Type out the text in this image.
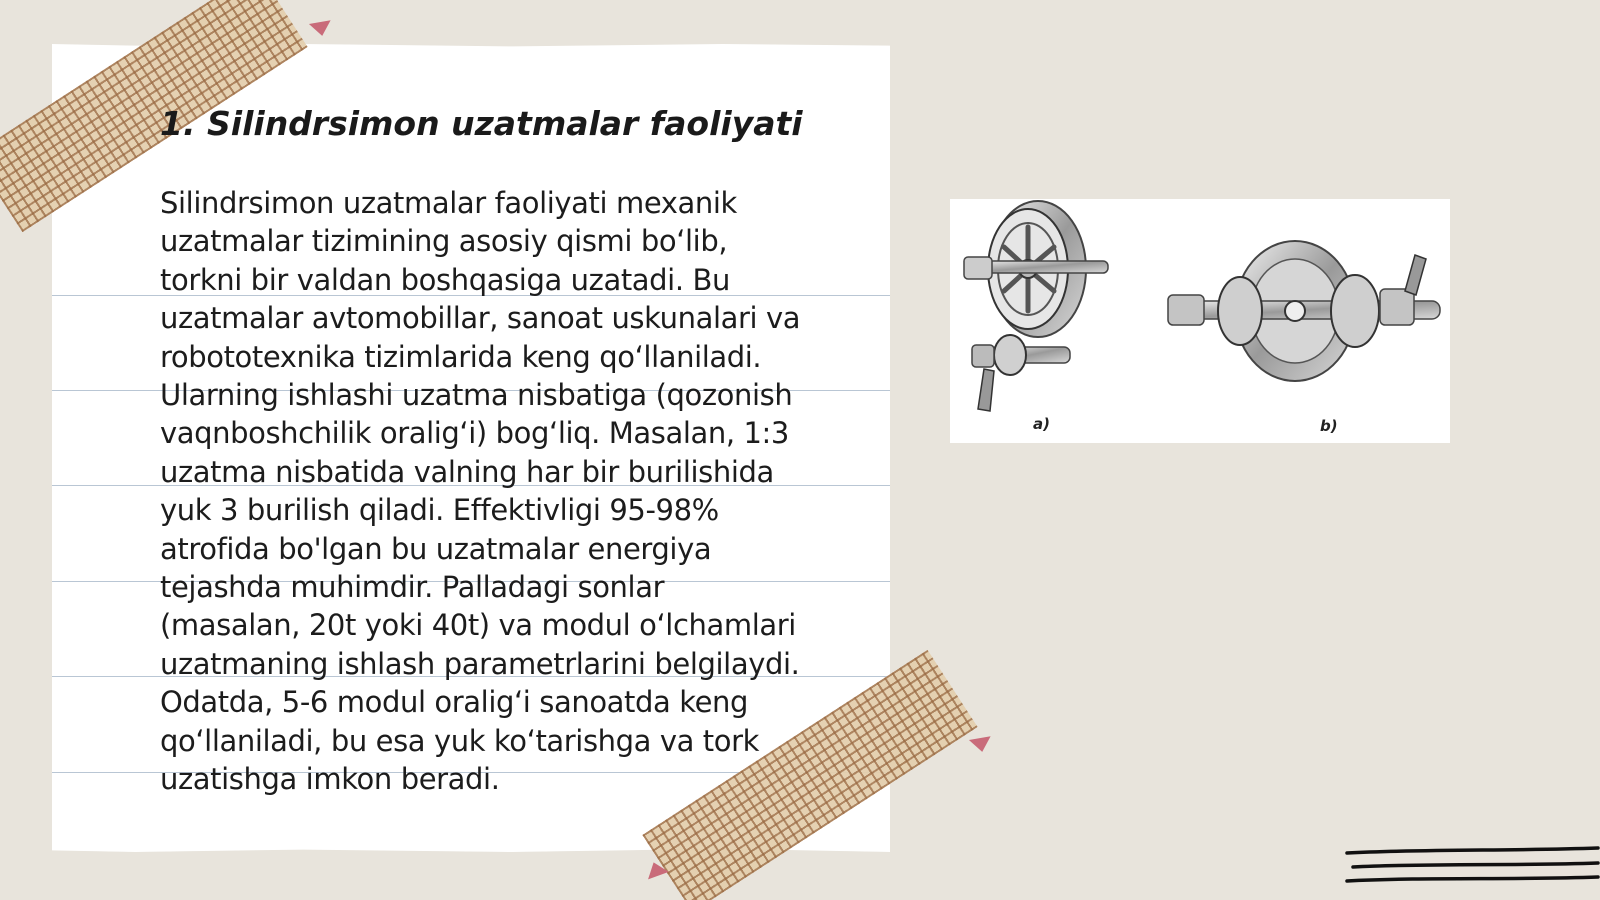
1. Silindrsimon uzatmalar faoliyati
Silindrsimon uzatmalar faoliyati mexanik
uzatmalar tizimining asosiy qismi bo‘lib,
torkni bir valdan boshqasiga uzatadi. Bu
uzatmalar avtomobillar, sanoat uskunalari va
robototexnika tizimlarida keng qo‘llaniladi.
Ularning ishlashi uzatma nisbatiga (qozonish
vaqnboshchilik oralig‘i) bog‘liq. Masalan, 1:3
uzatma nisbatida valning har bir burilishida
yuk 3 burilish qiladi. Effektivligi 95-98%
atrofida bo'lgan bu uzatmalar energiya
tejashda muhimdir. Palladagi sonlar
(masalan, 20t yoki 40t) va modul o‘lchamlari
uzatmaning ishlash parametrlarini belgilaydi.
Odatda, 5-6 modul oralig‘i sanoatda keng
qo‘llaniladi, bu esa yuk ko‘tarishga va tork
uzatishga imkon beradi.
a)	b)
